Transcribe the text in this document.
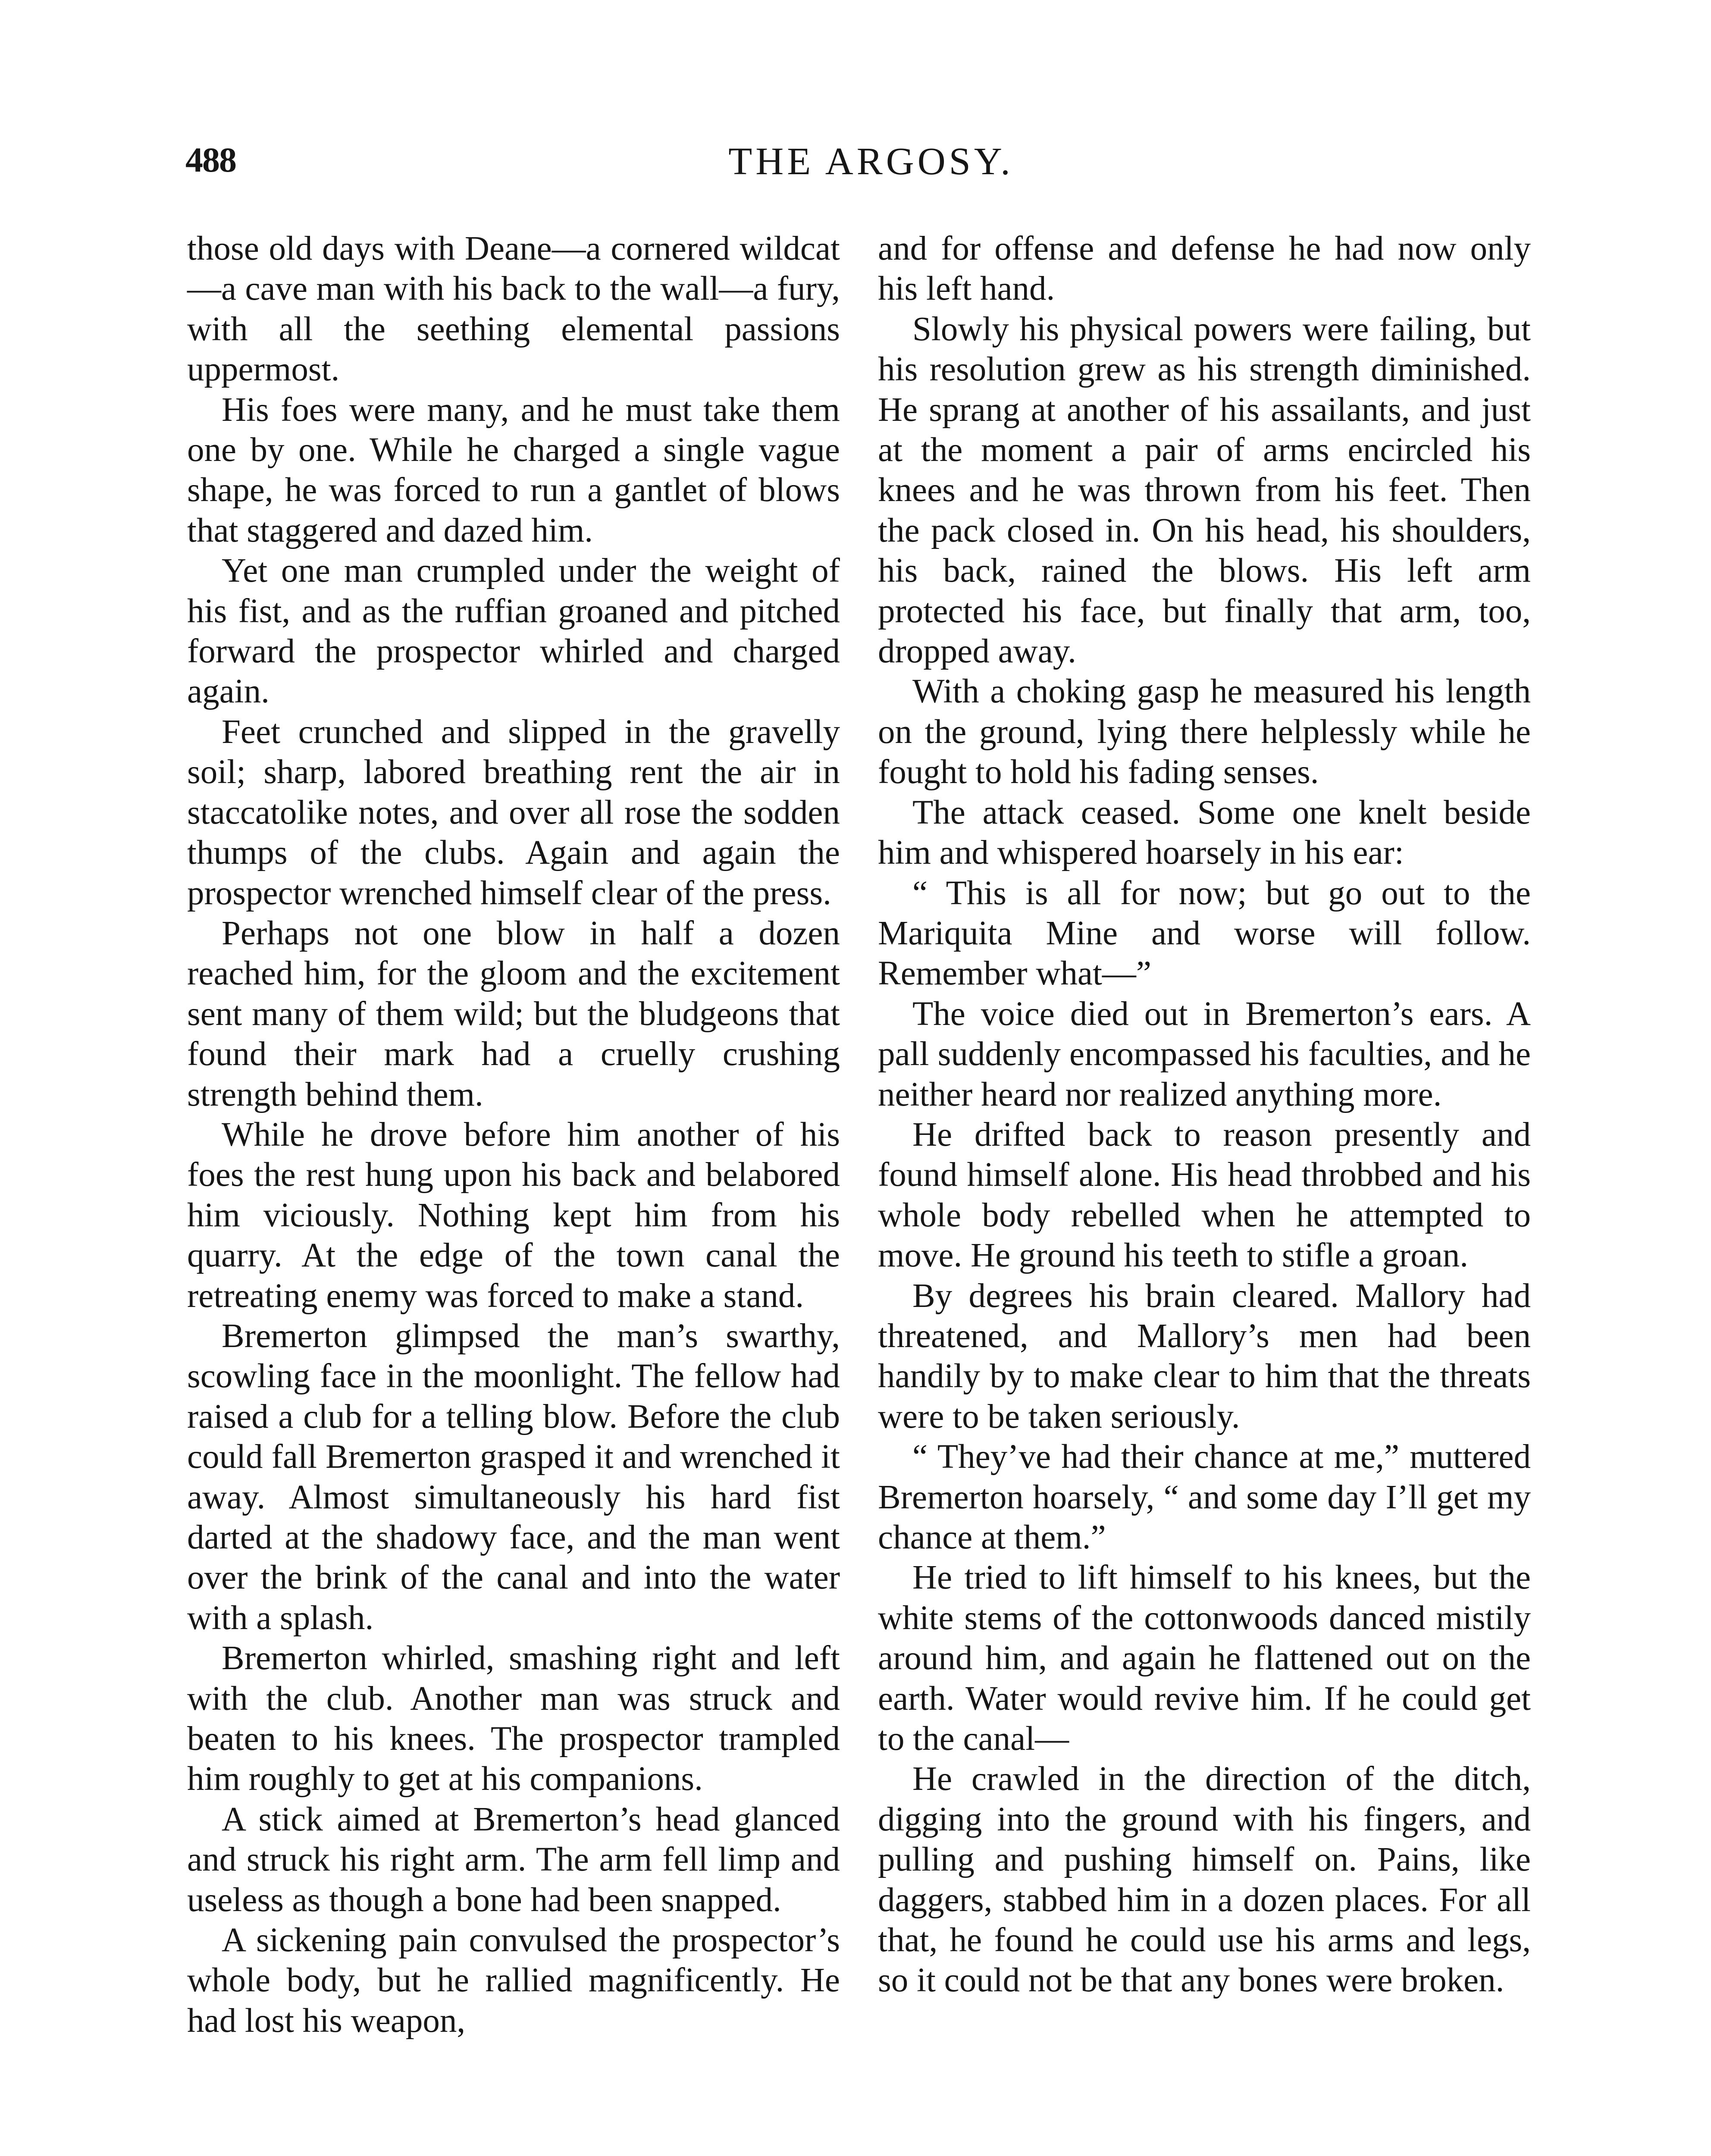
488	THE ARGOSY.

those old days with Deane—a cornered wildcat—a cave man with his back to the wall—a fury, with all the seething elemental passions uppermost.

His foes were many, and he must take them one by one. While he charged a single vague shape, he was forced to run a gantlet of blows that staggered and dazed him.

Yet one man crumpled under the weight of his fist, and as the ruffian groaned and pitched forward the prospector whirled and charged again.

Feet crunched and slipped in the gravelly soil; sharp, labored breathing rent the air in staccatolike notes, and over all rose the sodden thumps of the clubs. Again and again the prospector wrenched himself clear of the press.

Perhaps not one blow in half a dozen reached him, for the gloom and the excitement sent many of them wild; but the bludgeons that found their mark had a cruelly crushing strength behind them.

While he drove before him another of his foes the rest hung upon his back and belabored him viciously. Nothing kept him from his quarry. At the edge of the town canal the retreating enemy was forced to make a stand.

Bremerton glimpsed the man’s swarthy, scowling face in the moonlight. The fellow had raised a club for a telling blow. Before the club could fall Bremerton grasped it and wrenched it away. Almost simultaneously his hard fist darted at the shadowy face, and the man went over the brink of the canal and into the water with a splash.

Bremerton whirled, smashing right and left with the club. Another man was struck and beaten to his knees. The prospector trampled him roughly to get at his companions.

A stick aimed at Bremerton’s head glanced and struck his right arm. The arm fell limp and useless as though a bone had been snapped.

A sickening pain convulsed the prospector’s whole body, but he rallied magnificently. He had lost his weapon,

and for offense and defense he had now only his left hand.

Slowly his physical powers were failing, but his resolution grew as his strength diminished. He sprang at another of his assailants, and just at the moment a pair of arms encircled his knees and he was thrown from his feet. Then the pack closed in. On his head, his shoulders, his back, rained the blows. His left arm protected his face, but finally that arm, too, dropped away.

With a choking gasp he measured his length on the ground, lying there helplessly while he fought to hold his fading senses.

The attack ceased. Some one knelt beside him and whispered hoarsely in his ear:

“ This is all for now; but go out to the Mariquita Mine and worse will follow. Remember what—”

The voice died out in Bremerton’s ears. A pall suddenly encompassed his faculties, and he neither heard nor realized anything more.

He drifted back to reason presently and found himself alone. His head throbbed and his whole body rebelled when he attempted to move. He ground his teeth to stifle a groan.

By degrees his brain cleared. Mallory had threatened, and Mallory’s men had been handily by to make clear to him that the threats were to be taken seriously.

“ They’ve had their chance at me,” muttered Bremerton hoarsely, “ and some day I’ll get my chance at them.”

He tried to lift himself to his knees, but the white stems of the cottonwoods danced mistily around him, and again he flattened out on the earth. Water would revive him. If he could get to the canal—

He crawled in the direction of the ditch, digging into the ground with his fingers, and pulling and pushing himself on. Pains, like daggers, stabbed him in a dozen places. For all that, he found he could use his arms and legs, so it could not be that any bones were broken.
